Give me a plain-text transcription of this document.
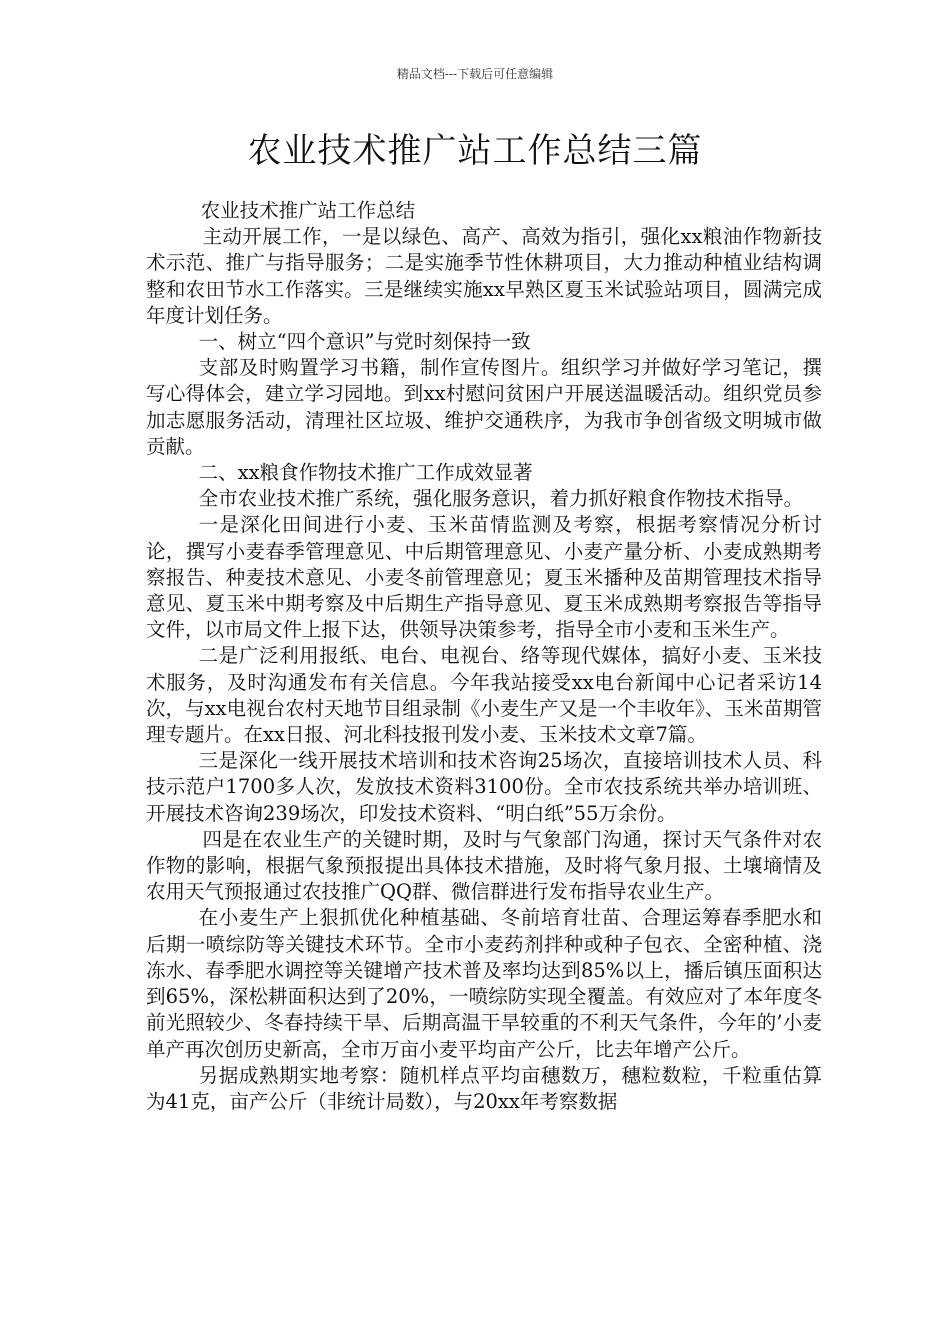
精品文档---下载后可任意编辑
农业技术推广站工作总结三篇

农业技术推广站工作总结

主动开展工作，一是以绿色、高产、高效为指引，强化xx粮油作物新技术示范、推广与指导服务；二是实施季节性休耕项目，大力推动种植业结构调整和农田节水工作落实。三是继续实施xx早熟区夏玉米试验站项目，圆满完成年度计划任务。

一、树立“四个意识”与党时刻保持一致

支部及时购置学习书籍，制作宣传图片。组织学习并做好学习笔记，撰写心得体会，建立学习园地。到xx村慰问贫困户开展送温暖活动。组织党员参加志愿服务活动，清理社区垃圾、维护交通秩序，为我市争创省级文明城市做贡献。

二、xx粮食作物技术推广工作成效显著

全市农业技术推广系统，强化服务意识，着力抓好粮食作物技术指导。

一是深化田间进行小麦、玉米苗情监测及考察，根据考察情况分析讨论，撰写小麦春季管理意见、中后期管理意见、小麦产量分析、小麦成熟期考察报告、种麦技术意见、小麦冬前管理意见；夏玉米播种及苗期管理技术指导意见、夏玉米中期考察及中后期生产指导意见、夏玉米成熟期考察报告等指导文件，以市局文件上报下达，供领导决策参考，指导全市小麦和玉米生产。

二是广泛利用报纸、电台、电视台、络等现代媒体，搞好小麦、玉米技术服务，及时沟通发布有关信息。今年我站接受xx电台新闻中心记者采访14次，与xx电视台农村天地节目组录制《小麦生产又是一个丰收年》、玉米苗期管理专题片。在xx日报、河北科技报刊发小麦、玉米技术文章7篇。

三是深化一线开展技术培训和技术咨询25场次，直接培训技术人员、科技示范户1700多人次，发放技术资料3100份。全市农技系统共举办培训班、开展技术咨询239场次，印发技术资料、“明白纸”55万余份。

四是在农业生产的关键时期，及时与气象部门沟通，探讨天气条件对农作物的影响，根据气象预报提出具体技术措施，及时将气象月报、土壤墒情及农用天气预报通过农技推广QQ群、微信群进行发布指导农业生产。

在小麦生产上狠抓优化种植基础、冬前培育壮苗、合理运筹春季肥水和后期一喷综防等关键技术环节。全市小麦药剂拌种或种子包衣、全密种植、浇冻水、春季肥水调控等关键增产技术普及率均达到85%以上，播后镇压面积达到65%，深松耕面积达到了20%，一喷综防实现全覆盖。有效应对了本年度冬前光照较少、冬春持续干旱、后期高温干旱较重的不利天气条件，今年的’小麦单产再次创历史新高，全市万亩小麦平均亩产公斤，比去年增产公斤。

另据成熟期实地考察：随机样点平均亩穗数万，穗粒数粒，千粒重估算为41克，亩产公斤（非统计局数），与20xx年考察数据
